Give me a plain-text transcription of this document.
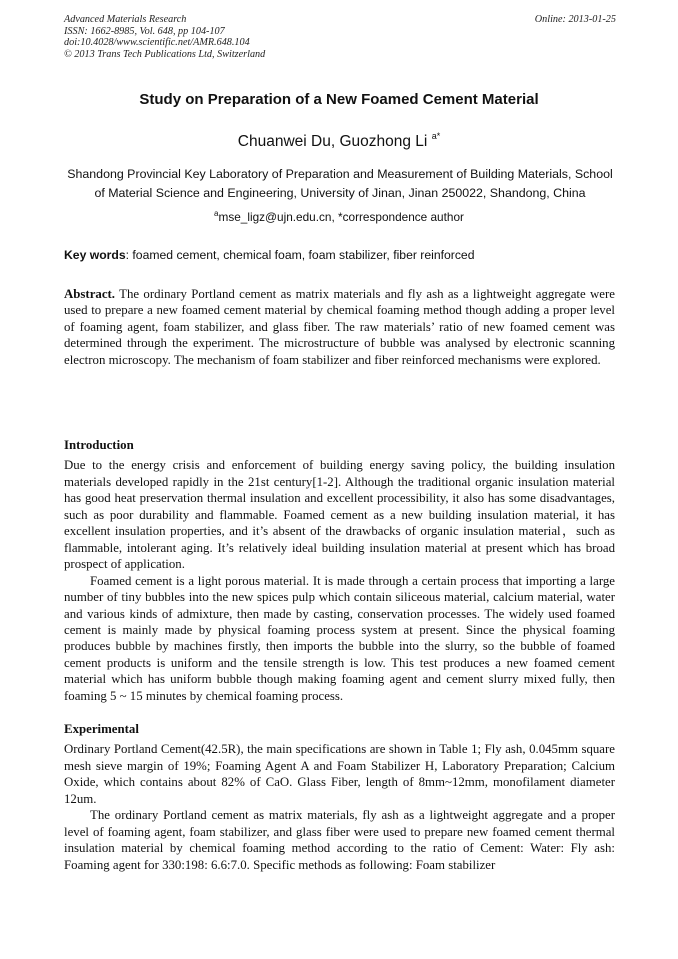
Advanced Materials Research
ISSN: 1662-8985, Vol. 648, pp 104-107
doi:10.4028/www.scientific.net/AMR.648.104
© 2013 Trans Tech Publications Ltd, Switzerland
Online: 2013-01-25
Study on Preparation of a New Foamed Cement Material
Chuanwei Du, Guozhong Li $^{a*}$
Shandong Provincial Key Laboratory of Preparation and Measurement of Building Materials, School of Material Science and Engineering, University of Jinan, Jinan 250022, Shandong, China
$^a$mse_ligz@ujn.edu.cn, *correspondence author
Key words: foamed cement, chemical foam, foam stabilizer, fiber reinforced

Abstract. The ordinary Portland cement as matrix materials and fly ash as a lightweight aggregate were used to prepare a new foamed cement material by chemical foaming method though adding a proper level of foaming agent, foam stabilizer, and glass fiber. The raw materials’ ratio of new foamed cement was determined through the experiment. The microstructure of bubble was analysed by electronic scanning electron microscopy. The mechanism of foam stabilizer and fiber reinforced mechanisms were explored.

Introduction

Due to the energy crisis and enforcement of building energy saving policy, the building insulation materials developed rapidly in the 21st century[1-2]. Although the traditional organic insulation material has good heat preservation thermal insulation and excellent processibility, it also has some disadvantages, such as poor durability and flammable. Foamed cement as a new building insulation material, it has excellent insulation properties, and it’s absent of the drawbacks of organic insulation material，such as flammable, intolerant aging. It’s relatively ideal building insulation material at present which has broad prospect of application.

Foamed cement is a light porous material. It is made through a certain process that importing a large number of tiny bubbles into the new spices pulp which contain siliceous material, calcium material, water and various kinds of admixture, then made by casting, conservation processes. The widely used foamed cement is mainly made by physical foaming process system at present. Since the physical foaming produces bubble by machines firstly, then imports the bubble into the slurry, so the bubble of foamed cement products is uniform and the tensile strength is low. This test produces a new foamed cement material which has uniform bubble though making foaming agent and cement slurry mixed fully, then foaming 5 ~ 15 minutes by chemical foaming process.

Experimental

Ordinary Portland Cement(42.5R), the main specifications are shown in Table 1; Fly ash, 0.045mm square mesh sieve margin of 19%; Foaming Agent A and Foam Stabilizer H, Laboratory Preparation; Calcium Oxide, which contains about 82% of CaO. Glass Fiber, length of 8mm~12mm, monofilament diameter 12um.

The ordinary Portland cement as matrix materials, fly ash as a lightweight aggregate and a proper level of foaming agent, foam stabilizer, and glass fiber were used to prepare new foamed cement thermal insulation material by chemical foaming method according to the ratio of Cement: Water: Fly ash: Foaming agent for 330:198: 6.6:7.0. Specific methods as following: Foam stabilizer
